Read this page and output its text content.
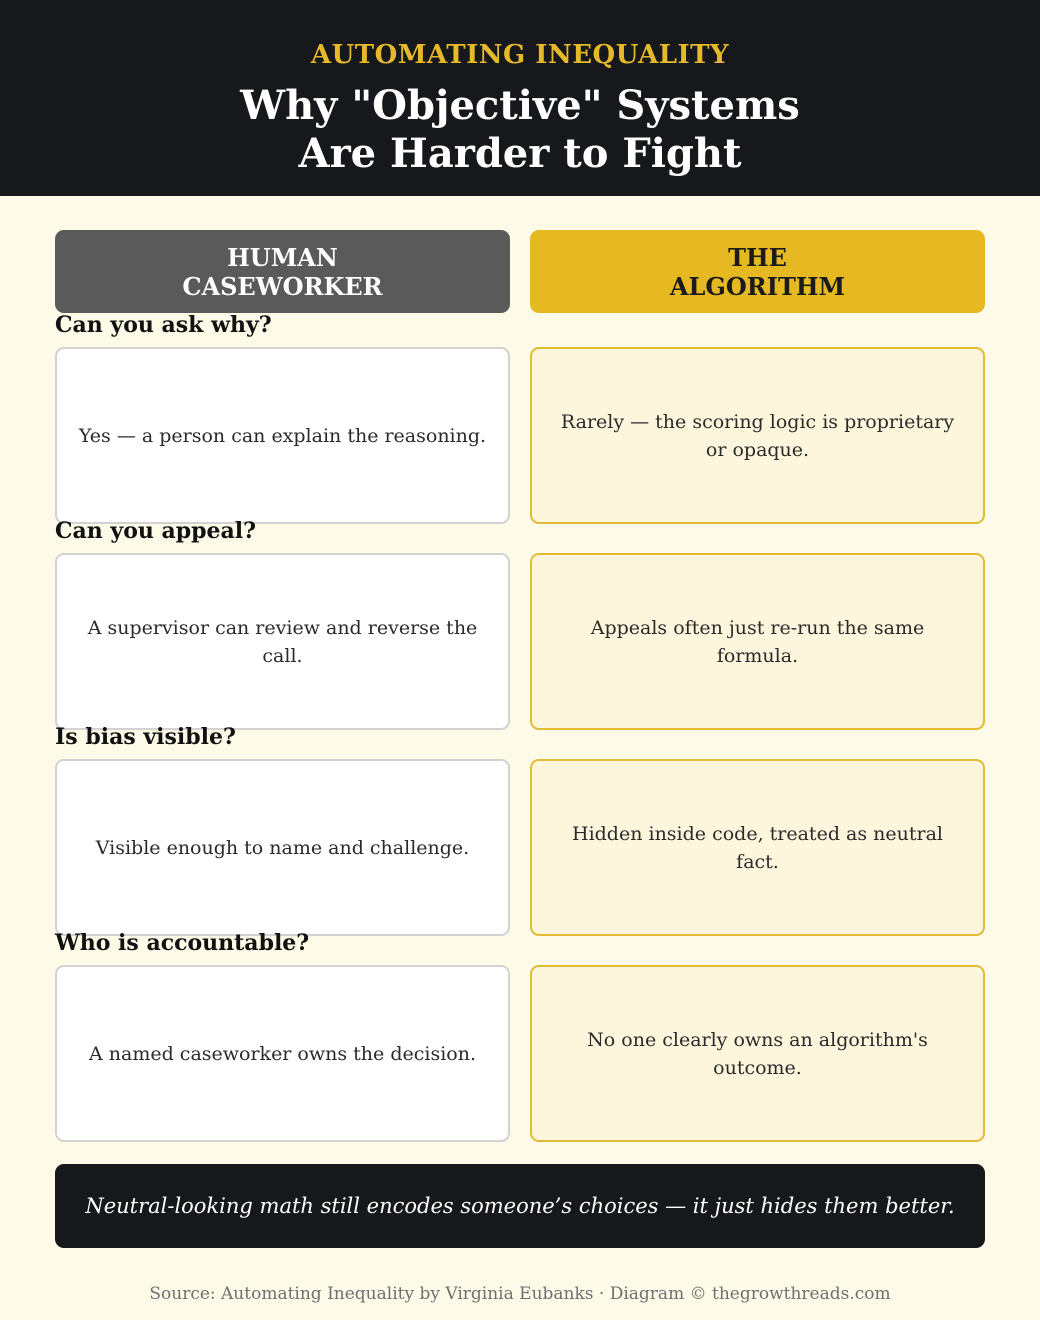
AUTOMATING INEQUALITY
Why "Objective" Systems
Are Harder to Fight
HUMAN
CASEWORKER
THE
ALGORITHM
Can you ask why?
Yes — a person can explain the reasoning.
Rarely — the scoring logic is proprietary or opaque.
Can you appeal?
A supervisor can review and reverse the call.
Appeals often just re-run the same formula.
Is bias visible?
Visible enough to name and challenge.
Hidden inside code, treated as neutral fact.
Who is accountable?
A named caseworker owns the decision.
No one clearly owns an algorithm's outcome.
Neutral-looking math still encodes someone’s choices — it just hides them better.
Source: Automating Inequality by Virginia Eubanks · Diagram © thegrowthreads.com
